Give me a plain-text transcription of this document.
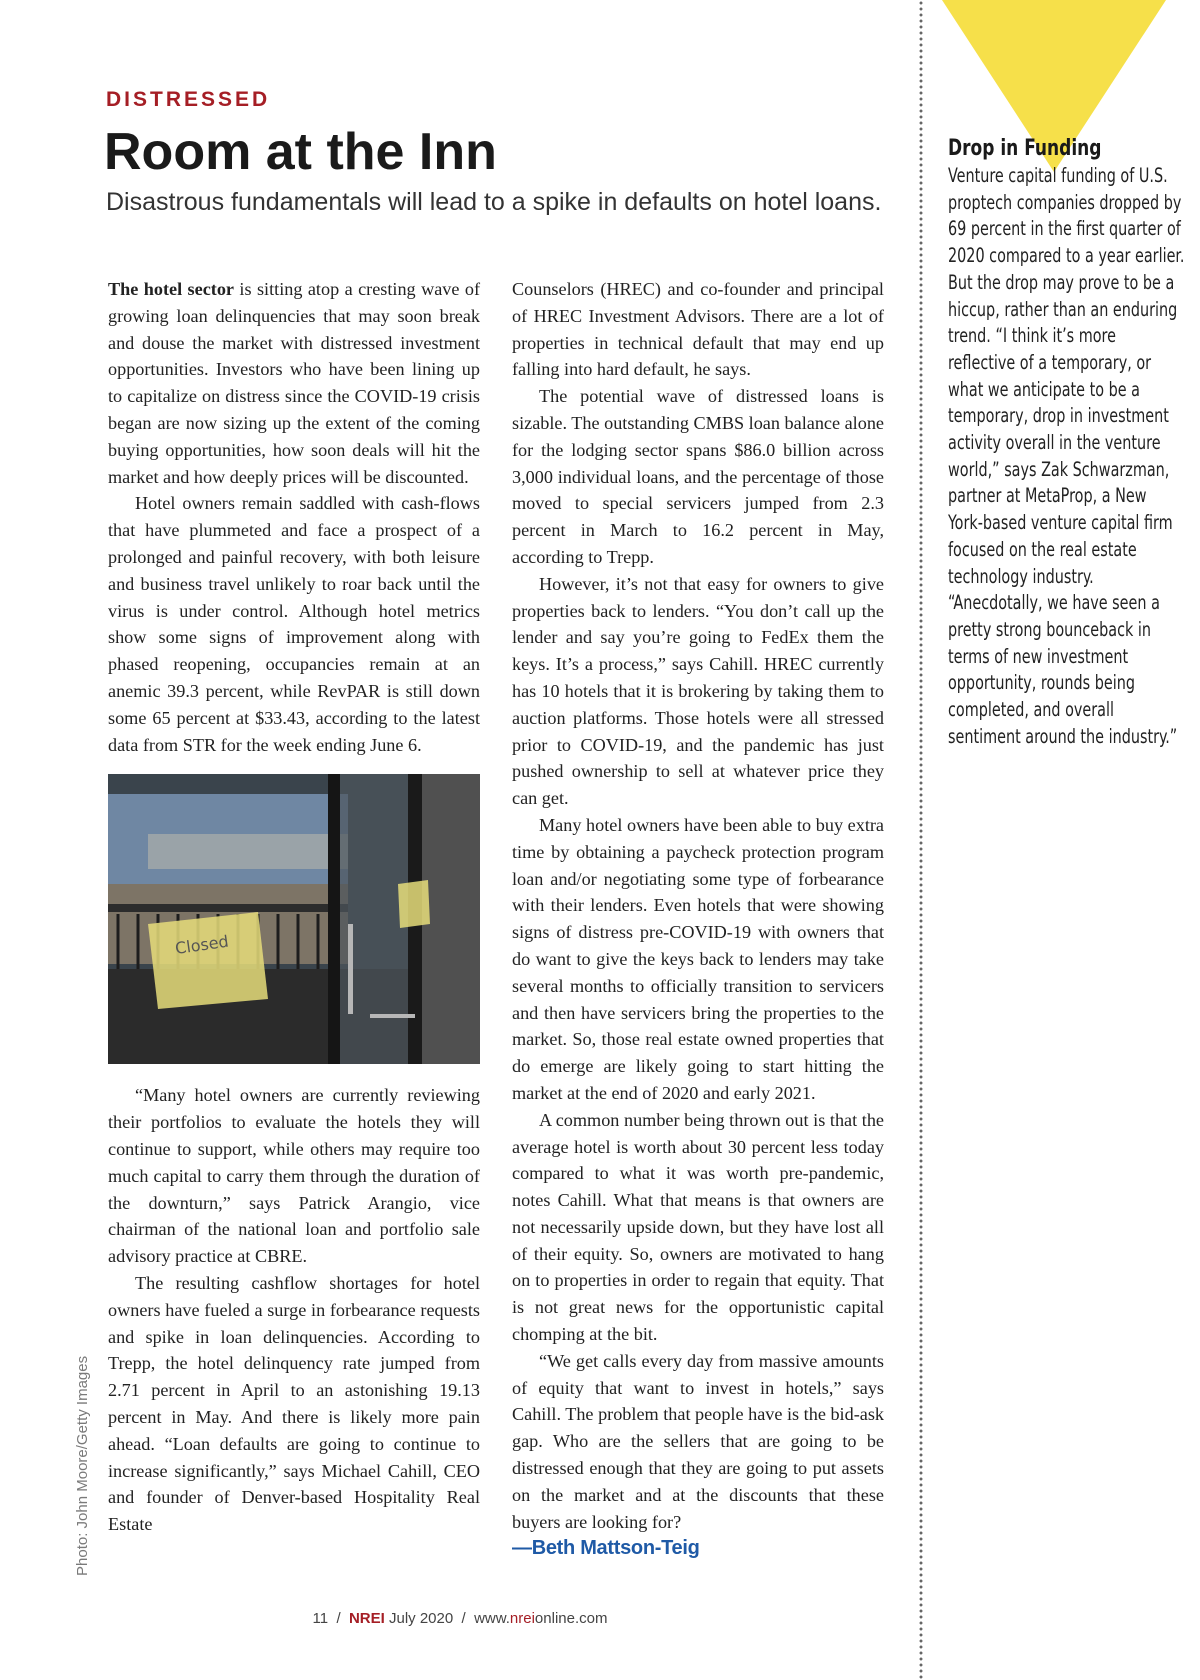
DISTRESSED
Room at the Inn
Disastrous fundamentals will lead to a spike in defaults on hotel loans.

The hotel sector is sitting atop a cresting wave of growing loan delinquencies that may soon break and douse the market with distressed investment opportunities. Investors who have been lining up to capitalize on distress since the COVID-19 crisis began are now sizing up the extent of the coming buying opportunities, how soon deals will hit the market and how deeply prices will be discounted.

Hotel owners remain saddled with cash-flows that have plummeted and face a prospect of a prolonged and painful recovery, with both leisure and business travel unlikely to roar back until the virus is under control. Although hotel metrics show some signs of improvement along with phased reopening, occupancies remain at an anemic 39.3 percent, while RevPAR is still down some 65 percent at $33.43, according to the latest data from STR for the week ending June 6.

Closed

“Many hotel owners are currently reviewing their portfolios to evaluate the hotels they will continue to support, while others may require too much capital to carry them through the duration of the downturn,” says Patrick Arangio, vice chairman of the national loan and portfolio sale advisory practice at CBRE.

The resulting cashflow shortages for hotel owners have fueled a surge in forbearance requests and spike in loan delinquencies. According to Trepp, the hotel delinquency rate jumped from 2.71 percent in April to an astonishing 19.13 percent in May. And there is likely more pain ahead. “Loan defaults are going to continue to increase significantly,” says Michael Cahill, CEO and founder of Denver-based Hospitality Real Estate

Counselors (HREC) and co-founder and principal of HREC Investment Advisors. There are a lot of properties in technical default that may end up falling into hard default, he says.

The potential wave of distressed loans is sizable. The outstanding CMBS loan balance alone for the lodging sector spans $86.0 billion across 3,000 individual loans, and the percentage of those moved to special servicers jumped from 2.3 percent in March to 16.2 percent in May, according to Trepp.

However, it’s not that easy for owners to give properties back to lenders. “You don’t call up the lender and say you’re going to FedEx them the keys. It’s a process,” says Cahill. HREC currently has 10 hotels that it is brokering by taking them to auction platforms. Those hotels were all stressed prior to COVID-19, and the pandemic has just pushed ownership to sell at whatever price they can get.

Many hotel owners have been able to buy extra time by obtaining a paycheck protection program loan and/or negotiating some type of forbearance with their lenders. Even hotels that were showing signs of distress pre-COVID-19 with owners that do want to give the keys back to lenders may take several months to officially transition to servicers and then have servicers bring the properties to the market. So, those real estate owned properties that do emerge are likely going to start hitting the market at the end of 2020 and early 2021.

A common number being thrown out is that the average hotel is worth about 30 percent less today compared to what it was worth pre-pandemic, notes Cahill. What that means is that owners are not necessarily upside down, but they have lost all of their equity. So, owners are motivated to hang on to properties in order to regain that equity. That is not great news for the opportunistic capital chomping at the bit.

“We get calls every day from massive amounts of equity that want to invest in hotels,” says Cahill. The problem that people have is the bid-ask gap. Who are the sellers that are going to be distressed enough that they are going to put assets on the market and at the discounts that these buyers are looking for?

—Beth Mattson-Teig
Photo: John Moore/Getty Images
Drop in Funding
Venture capital funding of U.S. proptech companies dropped by 69 percent in the first quarter of 2020 compared to a year earlier. But the drop may prove to be a hiccup, rather than an enduring trend. “I think it’s more reflective of a temporary, or what we anticipate to be a temporary, drop in investment activity overall in the venture world,” says Zak Schwarzman, partner at MetaProp, a New York-based venture capital firm focused on the real estate technology industry. “Anecdotally, we have seen a pretty strong bounceback in terms of new investment opportunity, rounds being completed, and overall sentiment around the industry.”
11 / NREI July 2020 / www.nreionline.com
